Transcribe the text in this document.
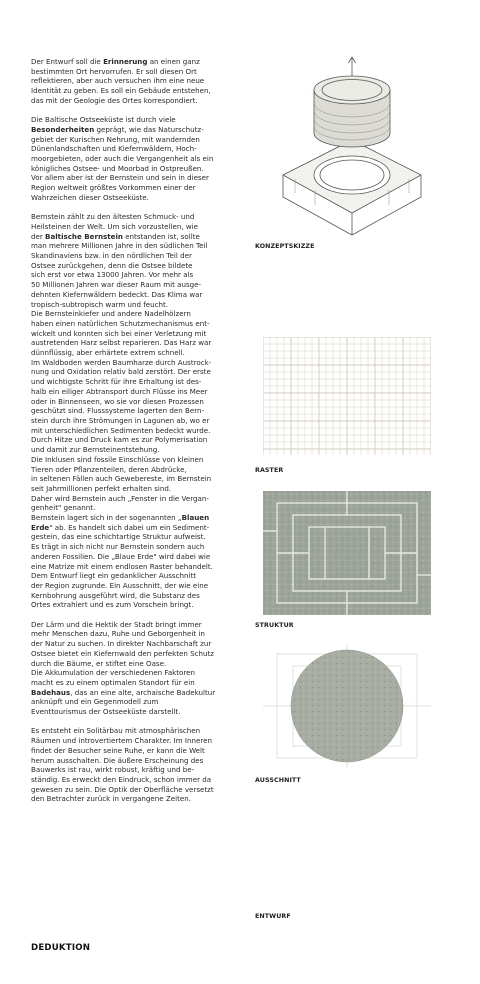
Der Entwurf soll die Erinnerung an einen ganz
bestimmten Ort hervorrufen. Er soll diesen Ort
reflektieren, aber auch versuchen ihm eine neue
Identität zu geben. Es soll ein Gebäude entstehen,
das mit der Geologie des Ortes korrespondiert.

Die Baltische Ostseeküste ist durch viele
Besonderheiten geprägt, wie das Naturschutz-
gebiet der Kurischen Nehrung, mit wandernden
Dünenlandschaften und Kiefernwäldern, Hoch-
moorgebieten, oder auch die Vergangenheit als ein
königliches Ostsee- und Moorbad in Ostpreußen.
Vor allem aber ist der Bernstein und sein in dieser
Region weltweit größtes Vorkommen einer der
Wahrzeichen dieser Ostseeküste.

Bernstein zählt zu den ältesten Schmuck- und
Heilsteinen der Welt. Um sich vorzustellen, wie
der Baltische Bernstein entstanden ist, sollte
man mehrere Millionen Jahre in den südlichen Teil
Skandinaviens bzw. in den nördlichen Teil der
Ostsee zurückgehen, denn die Ostsee bildete
sich erst vor etwa 13000 Jahren. Vor mehr als
50 Millionen Jahren war dieser Raum mit ausge-
dehnten Kiefernwäldern bedeckt. Das Klima war
tropisch-subtropisch warm und feucht.
Die Bernsteinkiefer und andere Nadelhölzern
haben einen natürlichen Schutzmechanismus ent-
wickelt und konnten sich bei einer Verletzung mit
austretenden Harz selbst reparieren. Das Harz war
dünnflüssig, aber erhärtete extrem schnell.
Im Waldboden werden Baumharze durch Austrock-
nung und Oxidation relativ bald zerstört. Der erste
und wichtigste Schritt für ihre Erhaltung ist des-
halb ein eiliger Abtransport durch Flüsse ins Meer
oder in Binnenseen, wo sie vor diesen Prozessen
geschützt sind. Flusssysteme lagerten den Bern-
stein durch ihre Strömungen in Lagunen ab, wo er
mit unterschiedlichen Sedimenten bedeckt wurde.
Durch Hitze und Druck kam es zur Polymerisation
und damit zur Bernsteinentstehung.
Die Inklusen sind fossile Einschlüsse von kleinen
Tieren oder Pflanzenteilen, deren Abdrücke,
in seltenen Fällen auch Gewebereste, im Bernstein
seit Jahrmillionen perfekt erhalten sind.
Daher wird Bernstein auch „Fenster in die Vergan-
genheit" genannt.
Bernstein lagert sich in der sogenannten „Blauen
Erde" ab. Es handelt sich dabei um ein Sediment-
gestein, das eine schichtartige Struktur aufweist.
Es trägt in sich nicht nur Bernstein sondern auch
anderen Fossilien. Die „Blaue Erde" wird dabei wie
eine Matrize mit einem endlosen Raster behandelt.
Dem Entwurf liegt ein gedanklicher Ausschnitt
der Region zugrunde. Ein Ausschnitt, der wie eine
Kernbohrung ausgeführt wird, die Substanz des
Ortes extrahiert und es zum Vorschein bringt.

Der Lärm und die Hektik der Stadt bringt immer
mehr Menschen dazu, Ruhe und Geborgenheit in
der Natur zu suchen. In direkter Nachbarschaft zur
Ostsee bietet ein Kiefernwald den perfekten Schutz
durch die Bäume, er stiftet eine Oase.
Die Akkumulation der verschiedenen Faktoren
macht es zu einem optimalen Standort für ein
Badehaus, das an eine alte, archaische Badekultur
anknüpft und ein Gegenmodell zum
Eventtourismus der Ostseeküste darstellt.

Es entsteht ein Solitärbau mit atmosphärischen
Räumen und introvertiertem Charakter. Im Inneren
findet der Besucher seine Ruhe, er kann die Welt
herum ausschalten. Die äußere Erscheinung des
Bauwerks ist rau, wirkt robust, kräftig und be-
ständig. Es erweckt den Eindruck, schon immer da
gewesen zu sein. Die Optik der Oberfläche versetzt
den Betrachter zurück in vergangene Zeiten.

KONZEPTSKIZZE
RASTER
STRUKTUR
AUSSCHNITT
ENTWURF
DEDUKTION
